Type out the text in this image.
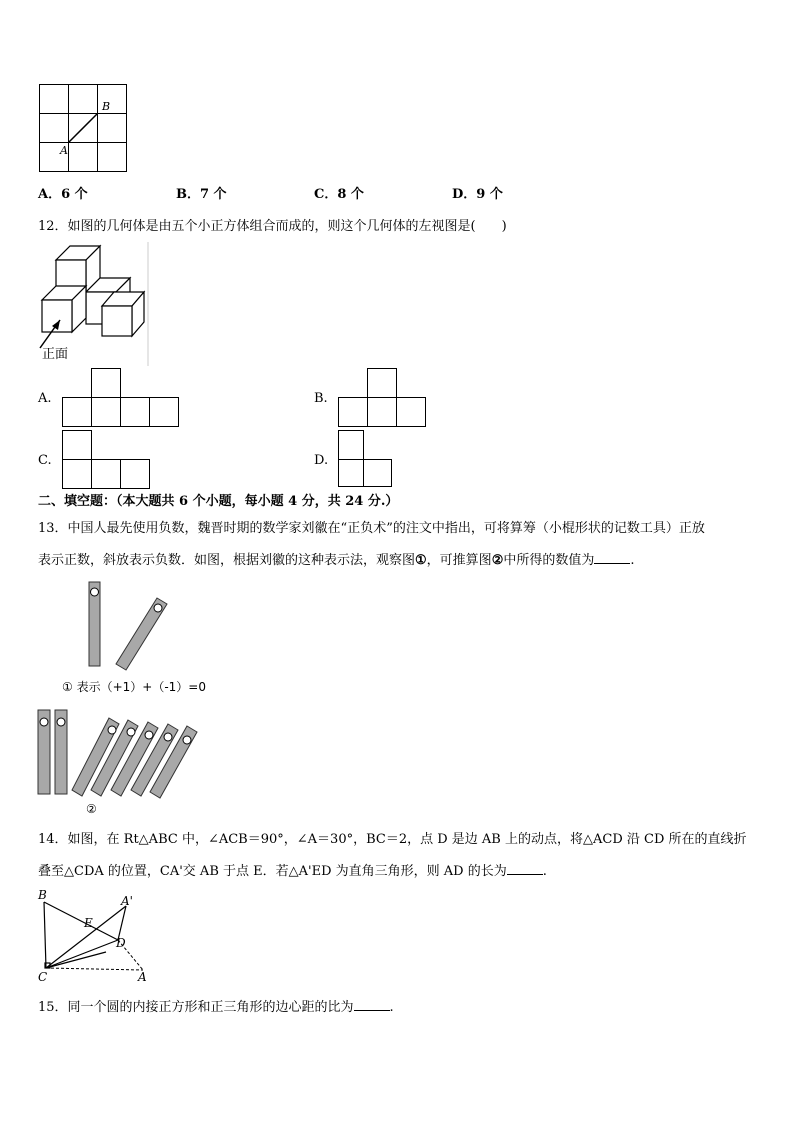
A
B
A．6 个	B．7 个	C．8 个	D．9 个
12．如图的几何体是由五个小正方体组合而成的，则这个几何体的左视图是(　　)
正面
A.	B.
C.	D.
二、填空题：（本大题共 6 个小题，每小题 4 分，共 24 分.）
13．中国人最先使用负数，魏晋时期的数学家刘徽在“正负术”的注文中指出，可将算筹（小棍形状的记数工具）正放
表示正数，斜放表示负数．如图，根据刘徽的这种表示法，观察图①，可推算图②中所得的数值为	.
① 表示（+1）+（-1）=0
②
14．如图，在 Rt△ABC 中，∠ACB＝90°，∠A＝30°，BC＝2，点 D 是边 AB 上的动点，将△ACD 沿 CD 所在的直线折
叠至△CDA 的位置，CA'交 AB 于点 E．若△A'ED 为直角三角形，则 AD 的长为	.
B	A'
E
D
C	A
15．同一个圆的内接正方形和正三角形的边心距的比为	.
